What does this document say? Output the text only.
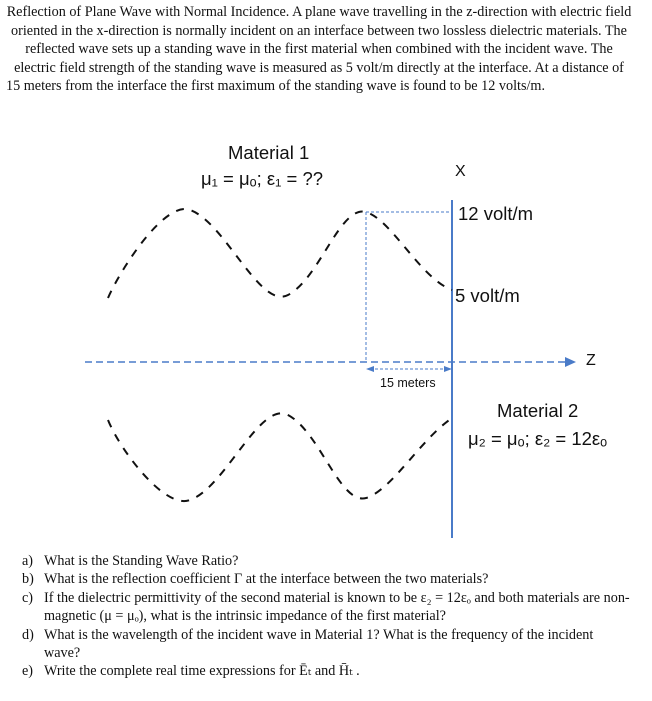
Reflection of Plane Wave with Normal Incidence. A plane wave travelling in the z-direction with electric field oriented in the x-direction is normally incident on an interface between two lossless dielectric materials. The reflected wave sets up a standing wave in the first material when combined with the incident wave. The electric field strength of the standing wave is measured as 5 volt/m directly at the interface. At a distance of 15 meters from the interface the first maximum of the standing wave is found to be 12 volts/m.
Material 1
μ₁ = μₒ; ε₁ = ??	X
12 volt/m
5 volt/m
Z
15 meters
Material 2
μ₂ = μₒ; ε₂ = 12εₒ
a) What is the Standing Wave Ratio?
b) What is the reflection coefficient Γ at the interface between the two materials?
c) If the dielectric permittivity of the second material is known to be ε₂ = 12εₒ and both materials are non-magnetic (μ = μₒ), what is the intrinsic impedance of the first material?
d) What is the wavelength of the incident wave in Material 1? What is the frequency of the incident wave?
e) Write the complete real time expressions for Ēₜ and H̄ₜ .
